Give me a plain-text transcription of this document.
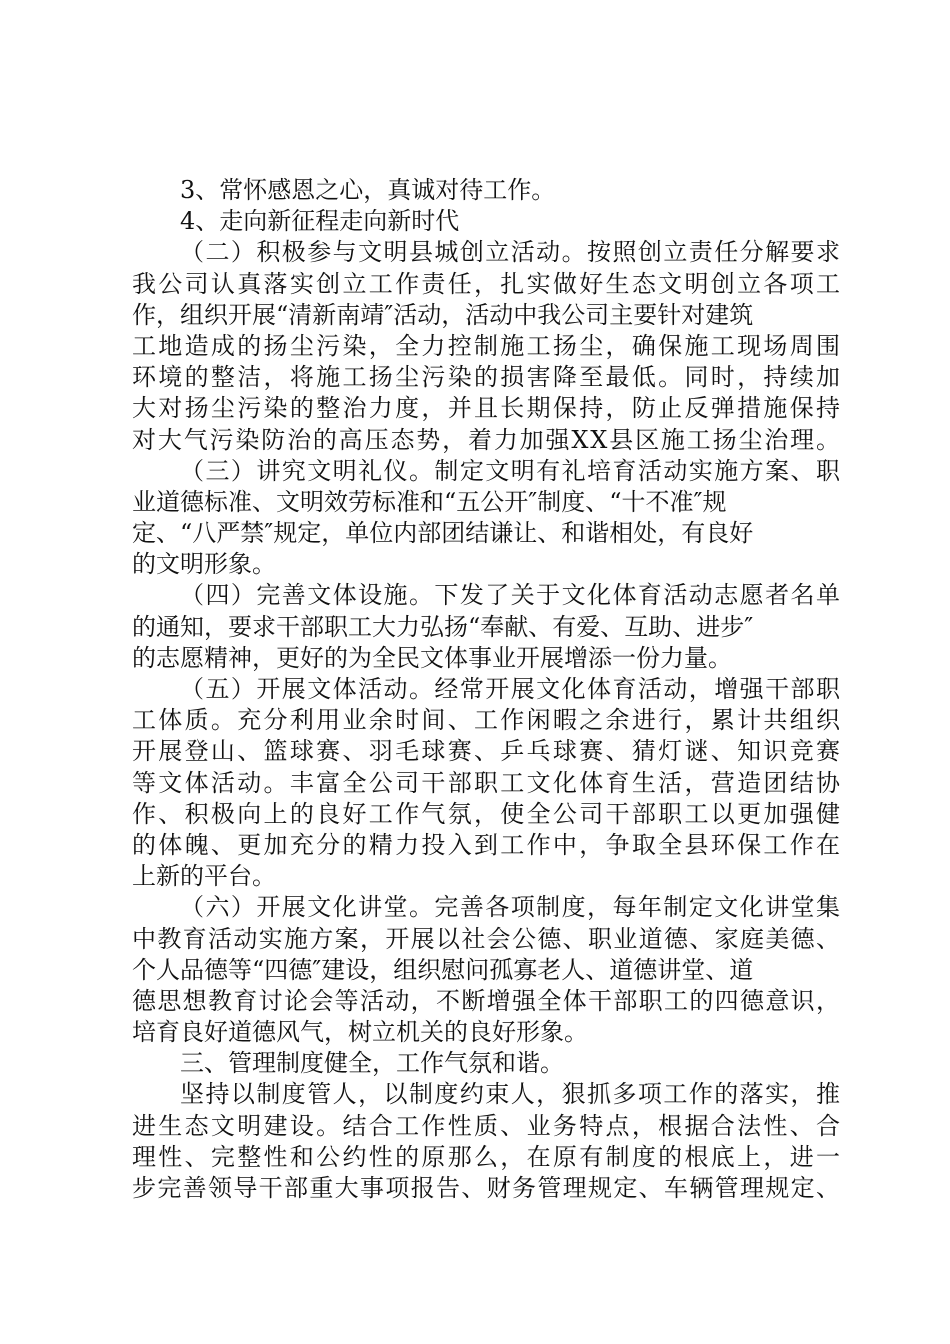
3、常怀感恩之心，真诚对待工作。
4、走向新征程走向新时代
（二）积极参与文明县城创立活动。按照创立责任分解要求
我公司认真落实创立工作责任，扎实做好生态文明创立各项工
作，组织开展“清新南靖″活动，活动中我公司主要针对建筑
工地造成的扬尘污染，全力控制施工扬尘，确保施工现场周围
环境的整洁，将施工扬尘污染的损害降至最低。同时，持续加
大对扬尘污染的整治力度，并且长期保持，防止反弹措施保持
对大气污染防治的高压态势，着力加强XX县区施工扬尘治理。
（三）讲究文明礼仪。制定文明有礼培育活动实施方案、职
业道德标准、文明效劳标准和“五公开″制度、“十不准″规
定、“八严禁″规定，单位内部团结谦让、和谐相处，有良好
的文明形象。
（四）完善文体设施。下发了关于文化体育活动志愿者名单
的通知，要求干部职工大力弘扬“奉献、有爱、互助、进步″
的志愿精神，更好的为全民文体事业开展增添一份力量。
（五）开展文体活动。经常开展文化体育活动，增强干部职
工体质。充分利用业余时间、工作闲暇之余进行，累计共组织
开展登山、篮球赛、羽毛球赛、乒乓球赛、猜灯谜、知识竞赛
等文体活动。丰富全公司干部职工文化体育生活，营造团结协
作、积极向上的良好工作气氛，使全公司干部职工以更加强健
的体魄、更加充分的精力投入到工作中，争取全县环保工作在
上新的平台。
（六）开展文化讲堂。完善各项制度，每年制定文化讲堂集
中教育活动实施方案，开展以社会公德、职业道德、家庭美德、
个人品德等“四德″建设，组织慰问孤寡老人、道德讲堂、道
德思想教育讨论会等活动，不断增强全体干部职工的四德意识，
培育良好道德风气，树立机关的良好形象。
三、管理制度健全，工作气氛和谐。
坚持以制度管人，以制度约束人，狠抓多项工作的落实，推
进生态文明建设。结合工作性质、业务特点，根据合法性、合
理性、完整性和公约性的原那么，在原有制度的根底上，进一
步完善领导干部重大事项报告、财务管理规定、车辆管理规定、
